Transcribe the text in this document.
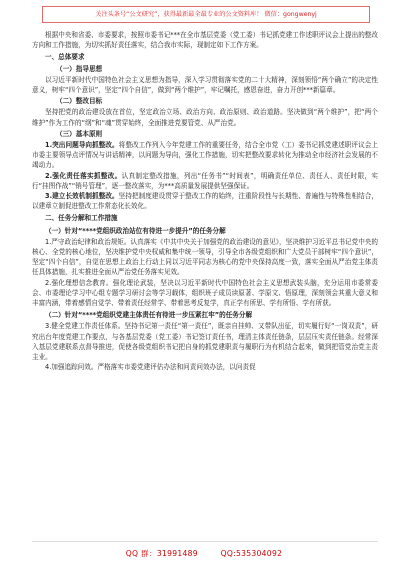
关注头条号“公文研究”，获得最新最全最专业的公文资料库！ 微信：gongwenyj

根据中央和省委、市委要求，按照市委书记***在全市基层党委（党工委）书记抓党建工作述职评议会上提出的整改方向和工作措施，为切实抓好责任落实，结合我市实际，现制定如下工作方案。

一、总体要求
（一）指导思想

以习近平新时代中国特色社会主义思想为指导，深入学习贯彻落实党的二十大精神，深刻领悟“两个确立”的决定性意义，树牢“四个意识”，坚定“四个自信”，做到“两个维护”，牢记嘱托，感恩奋进，奋力开创***新篇章。

（二）整改目标

坚持把党的政治建设放在首位，坚定政治立场、政治方向、政治原则、政治道路。坚决做到“两个维护”，把“两个维护”作为工作的“纲”和“魂”贯穿始终，全面推进党要管党、从严治党。

（三）基本原则

1.突出问题导向抓整改。将整改工作列入今年党建工作的重要任务，结合全市党（工）委书记抓党建述职评议会上市委主要领导点评情况与讲话精神，以问题为导向，强化工作措施，切实把整改要求转化为推动全市经济社会发展的不竭动力。

2.强化责任落实抓整改。认真制定整改措施，列出“任务书”“时间表”，明确责任单位、责任人、责任时限，实行“挂图作战”“销号管理”，逐一整改落实，为***高质量发展提供坚强保证。

3.建立长效机制抓整改。坚持把制度建设贯穿于整改工作的始终，注重阶段性与长期性、普遍性与特殊性相结合，以建章立制促进整改工作常态化长效化。

二、任务分解和工作措施
（一）针对“****党组织政治站位有待进一步提升”的任务分解

1.严守政治纪律和政治规矩。认真落实《中共中央关于加强党的政治建设的意见》，坚决维护习近平总书记党中央的核心、全党的核心地位，坚决维护党中央权威和集中统一领导，引导全市各级党组织和广大党员干部树牢“四个意识”，坚定“四个自信”，自觉在思想上政治上行动上同以习近平同志为核心的党中央保持高度一致，落实全面从严治党主体责任具体措施，扎实推进全面从严治党任务落实见效。

2.强化理想信念教育。强化理论武装，坚决以习近平新时代中国特色社会主义思想武装头脑，充分运用市委常委会、市委理论学习中心组专题学习研讨会等学习载体，组织班子成员读原著、学原文、悟原理，深刻领会其重大意义和丰富内涵，带着感情自觉学、带着责任经常学、带着思考反复学，真正学有所思、学有所悟、学有所获。

（二）针对“****党组织党建主体责任有待进一步压紧扛牢”的任务分解

3.健全党建工作责任体系。坚持书记第一责任“第一责任”，既亲自挂帅、又带队出征，切实履行好“一岗双责”，研究出台年度党建工作要点，与各基层党委（党工委）书记签订责任书，理清主体责任链条，层层压实责任链条。经常深入基层党建联系点督导推进，促使各级党组织书记把自身的抓党建职责与履职行为有机结合起来，做到把管党治党主责主业。

4.加强追踪问效。严格落实市委党建评估办法和问责问效办法，以问责促

QQ 群：31991489	QQ:535304092
